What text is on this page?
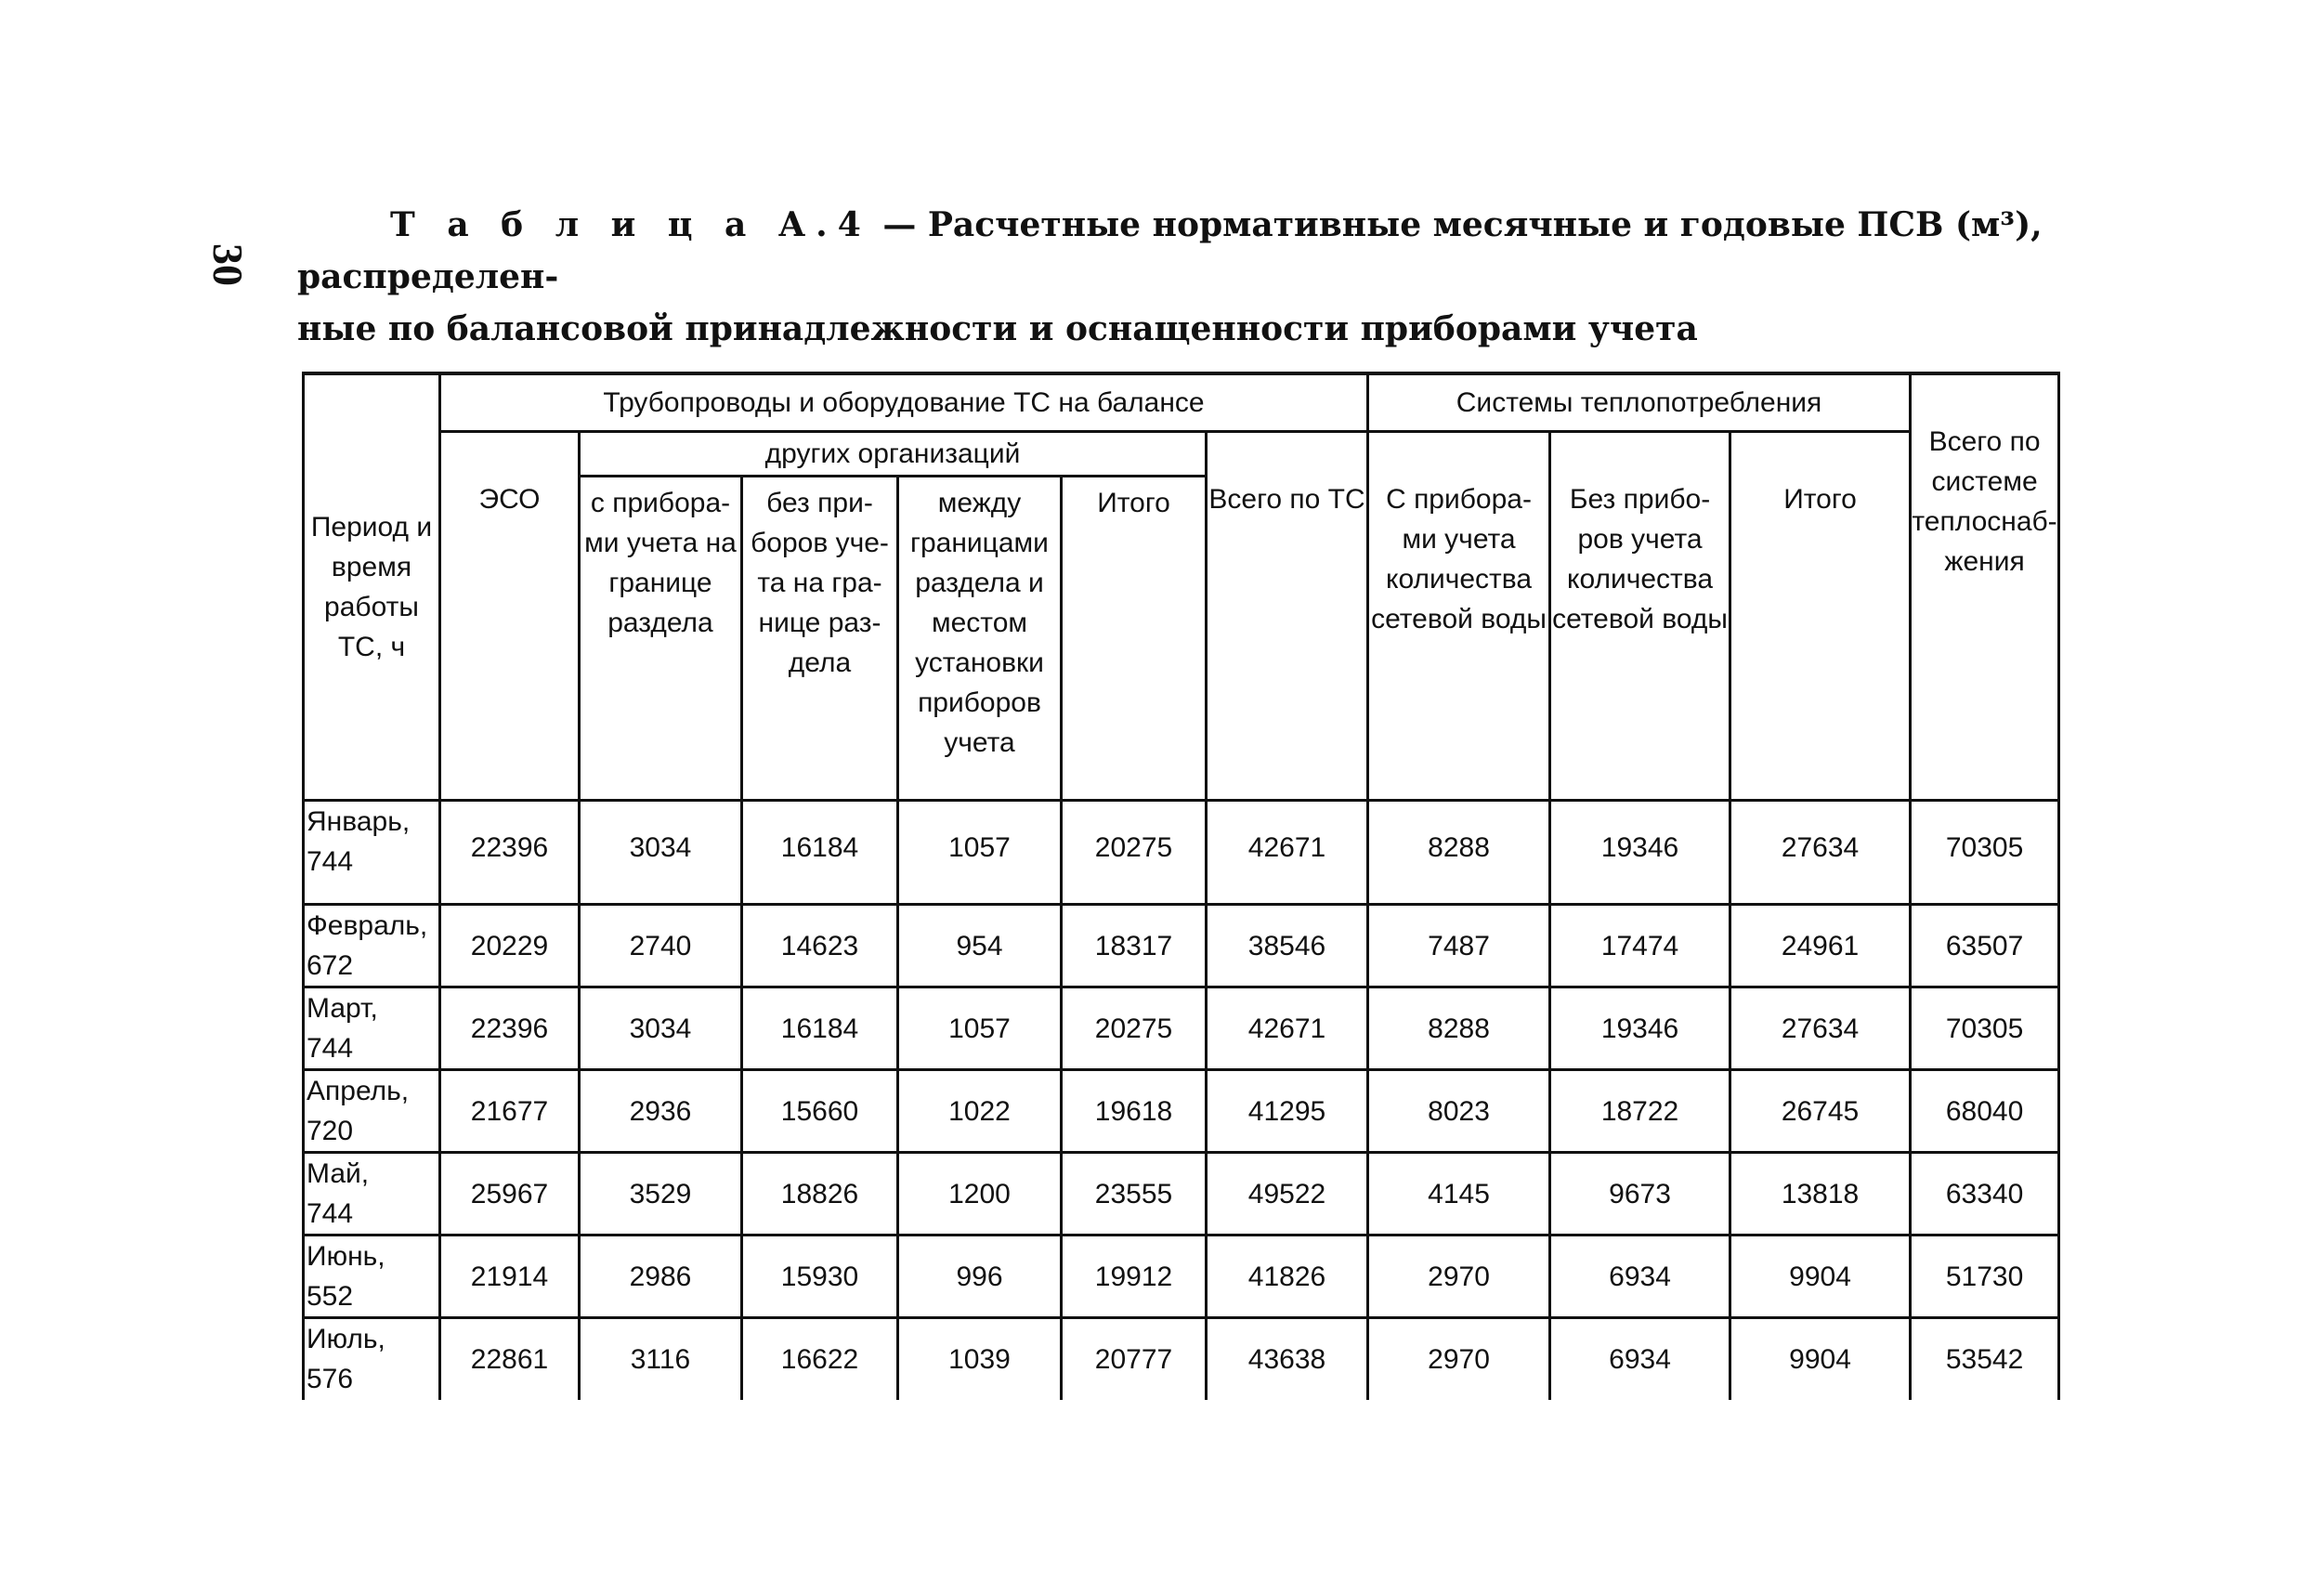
30
Т а б л и ц а А.4 — Расчетные нормативные месячные и годовые ПСВ (м³), распределен-
ные по балансовой принадлежности и оснащенности приборами учета
Период и время работы ТС, ч	Трубопроводы и оборудование ТС на балансе						Системы теплопотребления			Всего по системе теплоснаб-жения
	ЭСО	других организаций				Всего по ТС	С прибора-ми учета количества сетевой воды	Без прибо-ров учета количества сетевой воды	Итого	
		с прибора-ми учета на границе раздела	без при-боров уче-та на гра-нице раз-дела	между границами раздела и местом установки приборов учета	Итого					

Январь,
744	22396	3034	16184	1057	20275	42671	8288	19346	27634	70305

Февраль,
672	20229	2740	14623	954	18317	38546	7487	17474	24961	63507

Март,
744	22396	3034	16184	1057	20275	42671	8288	19346	27634	70305

Апрель,
720	21677	2936	15660	1022	19618	41295	8023	18722	26745	68040

Май,
744	25967	3529	18826	1200	23555	49522	4145	9673	13818	63340

Июнь,
552	21914	2986	15930	996	19912	41826	2970	6934	9904	51730

Июль,
576	22861	3116	16622	1039	20777	43638	2970	6934	9904	53542
